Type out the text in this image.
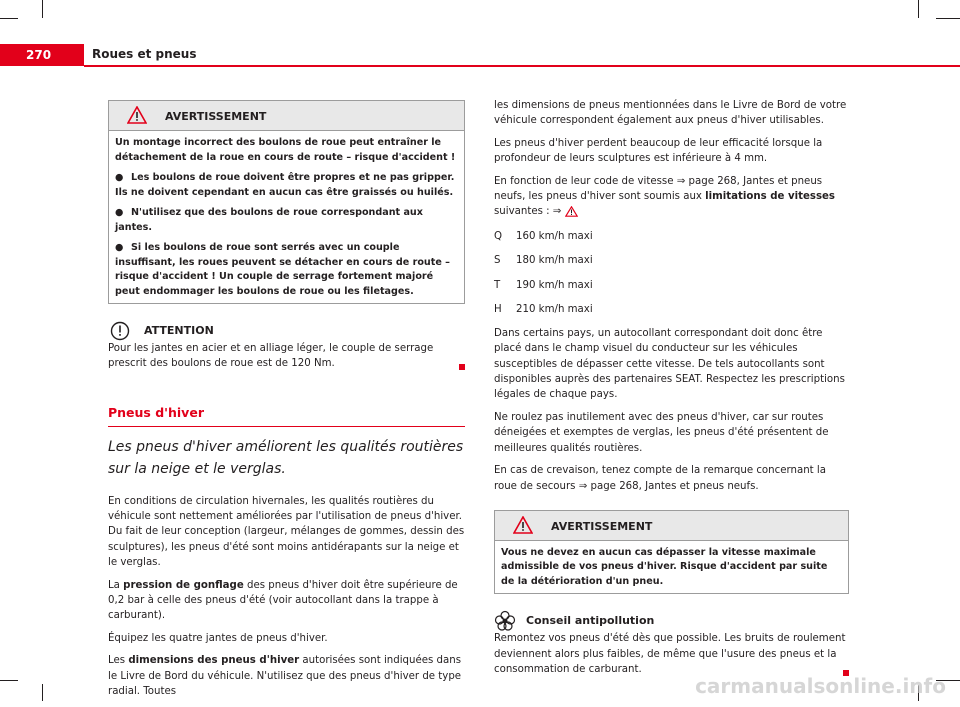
270	Roues et pneus
AVERTISSEMENT

Un montage incorrect des boulons de roue peut entraîner le détachement de la roue en cours de route – risque d'accident !

● Les boulons de roue doivent être propres et ne pas gripper. Ils ne doivent cependant en aucun cas être graissés ou huilés.

● N'utilisez que des boulons de roue correspondant aux jantes.

● Si les boulons de roue sont serrés avec un couple insuffisant, les roues peuvent se détacher en cours de route – risque d'accident ! Un couple de serrage fortement majoré peut endommager les boulons de roue ou les filetages.

ATTENTION

Pour les jantes en acier et en alliage léger, le couple de serrage prescrit des boulons de roue est de 120 Nm.

Pneus d'hiver
Les pneus d'hiver améliorent les qualités routières sur la neige et le verglas.

En conditions de circulation hivernales, les qualités routières du véhicule sont nettement améliorées par l'utilisation de pneus d'hiver. Du fait de leur conception (largeur, mélanges de gommes, dessin des sculptures), les pneus d'été sont moins antidérapants sur la neige et le verglas.

La pression de gonflage des pneus d'hiver doit être supérieure de 0,2 bar à celle des pneus d'été (voir autocollant dans la trappe à carburant).

Équipez les quatre jantes de pneus d'hiver.

Les dimensions des pneus d'hiver autorisées sont indiquées dans le Livre de Bord du véhicule. N'utilisez que des pneus d'hiver de type radial. Toutes

les dimensions de pneus mentionnées dans le Livre de Bord de votre véhicule correspondent également aux pneus d'hiver utilisables.

Les pneus d'hiver perdent beaucoup de leur efficacité lorsque la profondeur de leurs sculptures est inférieure à 4 mm.

En fonction de leur code de vitesse ⇒ page 268, Jantes et pneus neufs, les pneus d'hiver sont soumis aux limitations de vitesses suivantes : ⇒

Q 160 km/h maxi

S 180 km/h maxi

T 190 km/h maxi

H 210 km/h maxi

Dans certains pays, un autocollant correspondant doit donc être placé dans le champ visuel du conducteur sur les véhicules susceptibles de dépasser cette vitesse. De tels autocollants sont disponibles auprès des partenaires SEAT. Respectez les prescriptions légales de chaque pays.

Ne roulez pas inutilement avec des pneus d'hiver, car sur routes déneigées et exemptes de verglas, les pneus d'été présentent de meilleures qualités routières.

En cas de crevaison, tenez compte de la remarque concernant la roue de secours ⇒ page 268, Jantes et pneus neufs.

AVERTISSEMENT

Vous ne devez en aucun cas dépasser la vitesse maximale admissible de vos pneus d'hiver. Risque d'accident par suite de la détérioration d'un pneu.

Conseil antipollution

Remontez vos pneus d'été dès que possible. Les bruits de roulement deviennent alors plus faibles, de même que l'usure des pneus et la consommation de carburant.

carmanualsonline.info
